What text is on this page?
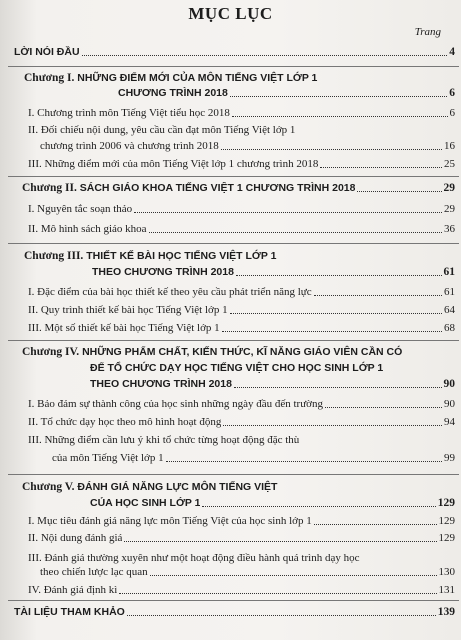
MỤC LỤC
Trang
LỜI NÓI ĐẦU	4
Chương I. NHỮNG ĐIỂM MỚI CỦA MÔN TIẾNG VIỆT LỚP 1
CHƯƠNG TRÌNH 2018	6
I. Chương trình môn Tiếng Việt tiểu học 2018	6
II. Đối chiếu nội dung, yêu cầu cần đạt môn Tiếng Việt lớp 1
chương trình 2006 và chương trình 2018	16
III. Những điểm mới của môn Tiếng Việt lớp 1 chương trình 2018	25
Chương II. SÁCH GIÁO KHOA TIẾNG VIỆT 1 CHƯƠNG TRÌNH 2018	29
I. Nguyên tắc soạn thảo	29
II. Mô hình sách giáo khoa	36
Chương III. THIẾT KẾ BÀI HỌC TIẾNG VIỆT LỚP 1
THEO CHƯƠNG TRÌNH 2018	61
I. Đặc điểm của bài học thiết kế theo yêu cầu phát triển năng lực	61
II. Quy trình thiết kế bài học Tiếng Việt lớp 1	64
III. Một số thiết kế bài học Tiếng Việt lớp 1	68
Chương IV. NHỮNG PHẨM CHẤT, KIẾN THỨC, KĨ NĂNG GIÁO VIÊN CẦN CÓ
ĐỂ TỔ CHỨC DẠY HỌC TIẾNG VIỆT CHO HỌC SINH LỚP 1
THEO CHƯƠNG TRÌNH 2018	90
I. Bảo đảm sự thành công của học sinh những ngày đầu đến trường	90
II. Tổ chức dạy học theo mô hình hoạt động	94
III. Những điểm cần lưu ý khi tổ chức từng hoạt động đặc thù
của môn Tiếng Việt lớp 1	99
Chương V. ĐÁNH GIÁ NĂNG LỰC MÔN TIẾNG VIỆT
CỦA HỌC SINH LỚP 1	129
I. Mục tiêu đánh giá năng lực môn Tiếng Việt của học sinh lớp 1	129
II. Nội dung đánh giá	129
III. Đánh giá thường xuyên như một hoạt động điều hành quá trình dạy học
theo chiến lược lạc quan	130
IV. Đánh giá định kì	131
TÀI LIỆU THAM KHẢO	139
